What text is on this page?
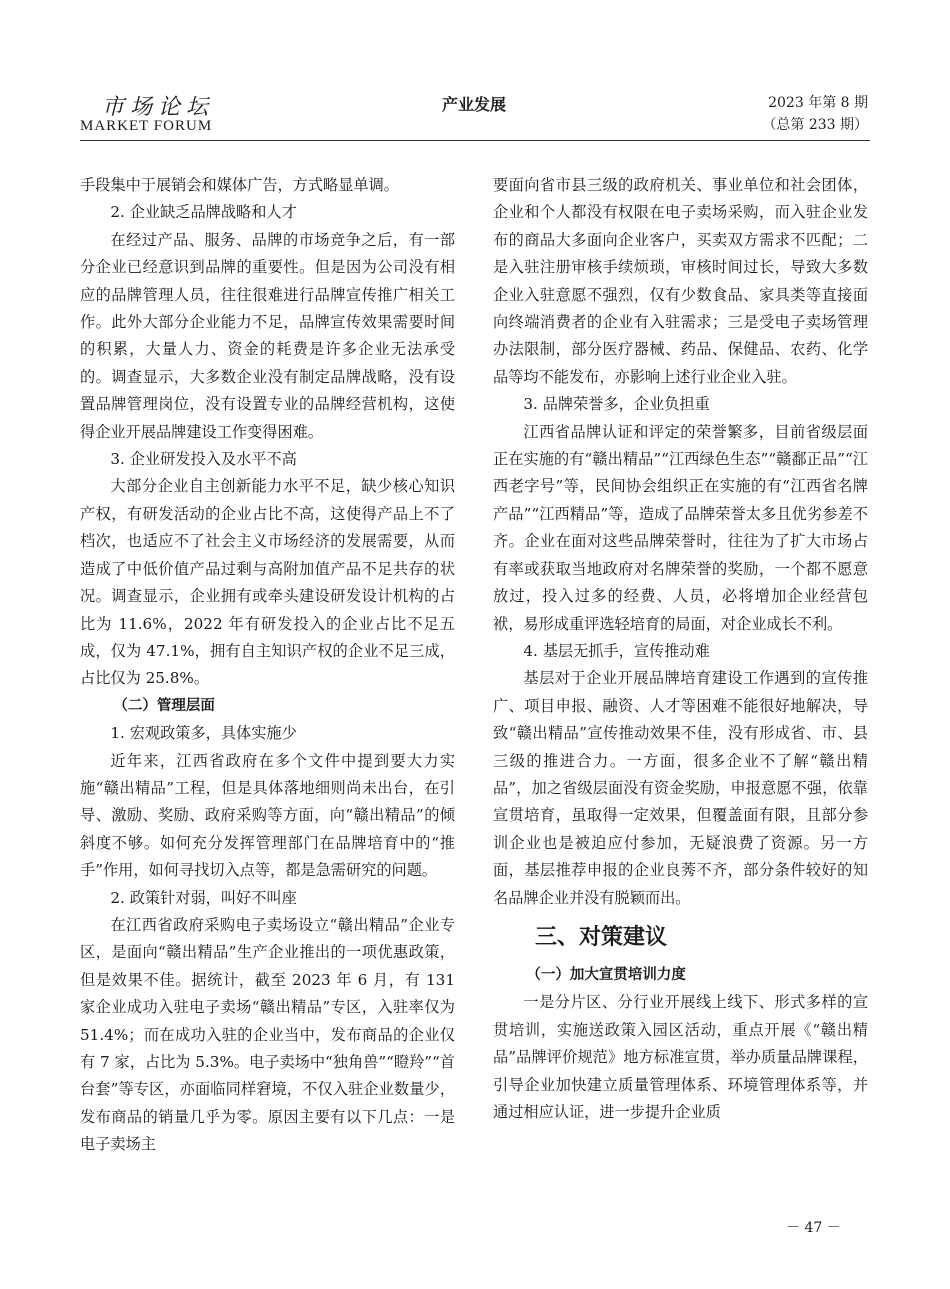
市场论坛
MARKET FORUM
产业发展	2023 年第 8 期
（总第 233 期）

手段集中于展销会和媒体广告，方式略显单调。

2. 企业缺乏品牌战略和人才

在经过产品、服务、品牌的市场竞争之后，有一部分企业已经意识到品牌的重要性。但是因为公司没有相应的品牌管理人员，往往很难进行品牌宣传推广相关工作。此外大部分企业能力不足，品牌宣传效果需要时间的积累，大量人力、资金的耗费是许多企业无法承受的。调查显示，大多数企业没有制定品牌战略，没有设置品牌管理岗位，没有设置专业的品牌经营机构，这使得企业开展品牌建设工作变得困难。

3. 企业研发投入及水平不高

大部分企业自主创新能力水平不足，缺少核心知识产权，有研发活动的企业占比不高，这使得产品上不了档次，也适应不了社会主义市场经济的发展需要，从而造成了中低价值产品过剩与高附加值产品不足共存的状况。调查显示，企业拥有或牵头建设研发设计机构的占比为 11.6%，2022 年有研发投入的企业占比不足五成，仅为 47.1%，拥有自主知识产权的企业不足三成，占比仅为 25.8%。

（二）管理层面

1. 宏观政策多，具体实施少

近年来，江西省政府在多个文件中提到要大力实施“赣出精品”工程，但是具体落地细则尚未出台，在引导、激励、奖励、政府采购等方面，向“赣出精品”的倾斜度不够。如何充分发挥管理部门在品牌培育中的“推手”作用，如何寻找切入点等，都是急需研究的问题。

2. 政策针对弱，叫好不叫座

在江西省政府采购电子卖场设立“赣出精品”企业专区，是面向“赣出精品”生产企业推出的一项优惠政策，但是效果不佳。据统计，截至 2023 年 6 月，有 131 家企业成功入驻电子卖场“赣出精品”专区，入驻率仅为 51.4%；而在成功入驻的企业当中，发布商品的企业仅有 7 家，占比为 5.3%。电子卖场中“独角兽”“瞪羚”“首台套”等专区，亦面临同样窘境，不仅入驻企业数量少，发布商品的销量几乎为零。原因主要有以下几点：一是电子卖场主

要面向省市县三级的政府机关、事业单位和社会团体，企业和个人都没有权限在电子卖场采购，而入驻企业发布的商品大多面向企业客户，买卖双方需求不匹配；二是入驻注册审核手续烦琐，审核时间过长，导致大多数企业入驻意愿不强烈，仅有少数食品、家具类等直接面向终端消费者的企业有入驻需求；三是受电子卖场管理办法限制，部分医疗器械、药品、保健品、农药、化学品等均不能发布，亦影响上述行业企业入驻。

3. 品牌荣誉多，企业负担重

江西省品牌认证和评定的荣誉繁多，目前省级层面正在实施的有“赣出精品”“江西绿色生态”“赣鄱正品”“江西老字号”等，民间协会组织正在实施的有“江西省名牌产品”“江西精品”等，造成了品牌荣誉太多且优劣参差不齐。企业在面对这些品牌荣誉时，往往为了扩大市场占有率或获取当地政府对名牌荣誉的奖励，一个都不愿意放过，投入过多的经费、人员，必将增加企业经营包袱，易形成重评选轻培育的局面，对企业成长不利。

4. 基层无抓手，宣传推动难

基层对于企业开展品牌培育建设工作遇到的宣传推广、项目申报、融资、人才等困难不能很好地解决，导致“赣出精品”宣传推动效果不佳，没有形成省、市、县三级的推进合力。一方面，很多企业不了解“赣出精品”，加之省级层面没有资金奖励，申报意愿不强，依靠宣贯培育，虽取得一定效果，但覆盖面有限，且部分参训企业也是被迫应付参加，无疑浪费了资源。另一方面，基层推荐申报的企业良莠不齐，部分条件较好的知名品牌企业并没有脱颖而出。

三、对策建议

（一）加大宣贯培训力度

一是分片区、分行业开展线上线下、形式多样的宣贯培训，实施送政策入园区活动，重点开展《“赣出精品”品牌评价规范》地方标准宣贯，举办质量品牌课程，引导企业加快建立质量管理体系、环境管理体系等，并通过相应认证，进一步提升企业质

－ 47 －
